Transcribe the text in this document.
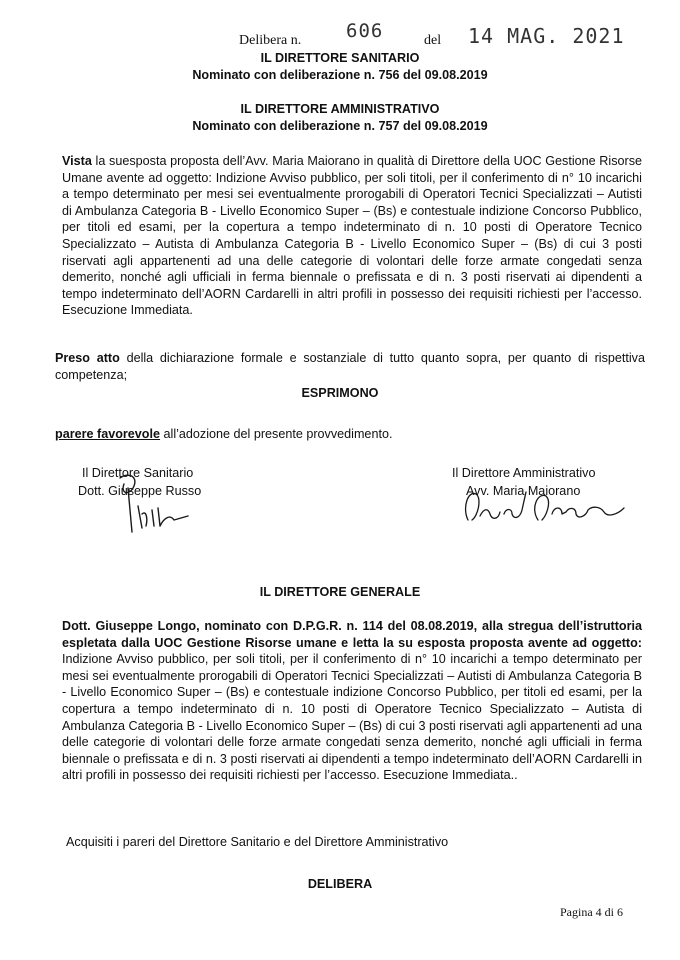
Delibera n. 606	del 14 MAG. 2021
IL DIRETTORE SANITARIO
Nominato con deliberazione n. 756 del 09.08.2019
IL DIRETTORE AMMINISTRATIVO
Nominato con deliberazione n. 757 del 09.08.2019
Vista la suesposta proposta dell’Avv. Maria Maiorano in qualità di Direttore della UOC Gestione Risorse Umane avente ad oggetto: Indizione Avviso pubblico, per soli titoli, per il conferimento di n° 10 incarichi a tempo determinato per mesi sei eventualmente prorogabili di Operatori Tecnici Specializzati – Autisti di Ambulanza Categoria B - Livello Economico Super – (Bs) e contestuale indizione Concorso Pubblico, per titoli ed esami, per la copertura a tempo indeterminato di n. 10 posti di Operatore Tecnico Specializzato – Autista di Ambulanza Categoria B - Livello Economico Super – (Bs) di cui 3 posti riservati agli appartenenti ad una delle categorie di volontari delle forze armate congedati senza demerito, nonché agli ufficiali in ferma biennale o prefissata e di n. 3 posti riservati ai dipendenti a tempo indeterminato dell’AORN Cardarelli in altri profili in possesso dei requisiti richiesti per l’accesso. Esecuzione Immediata.
Preso atto della dichiarazione formale e sostanziale di tutto quanto sopra, per quanto di rispettiva competenza;
ESPRIMONO
parere favorevole all’adozione del presente provvedimento.
Il Direttore Sanitario
Dott. Giuseppe Russo
Il Direttore Amministrativo
Avv. Maria Maiorano
IL DIRETTORE GENERALE
Dott. Giuseppe Longo, nominato con D.P.G.R. n. 114 del 08.08.2019, alla stregua dell’istruttoria espletata dalla UOC Gestione Risorse umane e letta la su esposta proposta avente ad oggetto: Indizione Avviso pubblico, per soli titoli, per il conferimento di n° 10 incarichi a tempo determinato per mesi sei eventualmente prorogabili di Operatori Tecnici Specializzati – Autisti di Ambulanza Categoria B - Livello Economico Super – (Bs) e contestuale indizione Concorso Pubblico, per titoli ed esami, per la copertura a tempo indeterminato di n. 10 posti di Operatore Tecnico Specializzato – Autista di Ambulanza Categoria B - Livello Economico Super – (Bs) di cui 3 posti riservati agli appartenenti ad una delle categorie di volontari delle forze armate congedati senza demerito, nonché agli ufficiali in ferma biennale o prefissata e di n. 3 posti riservati ai dipendenti a tempo indeterminato dell’AORN Cardarelli in altri profili in possesso dei requisiti richiesti per l’accesso. Esecuzione Immediata..
Acquisiti i pareri del Direttore Sanitario e del Direttore Amministrativo
DELIBERA
Pagina 4 di 6
